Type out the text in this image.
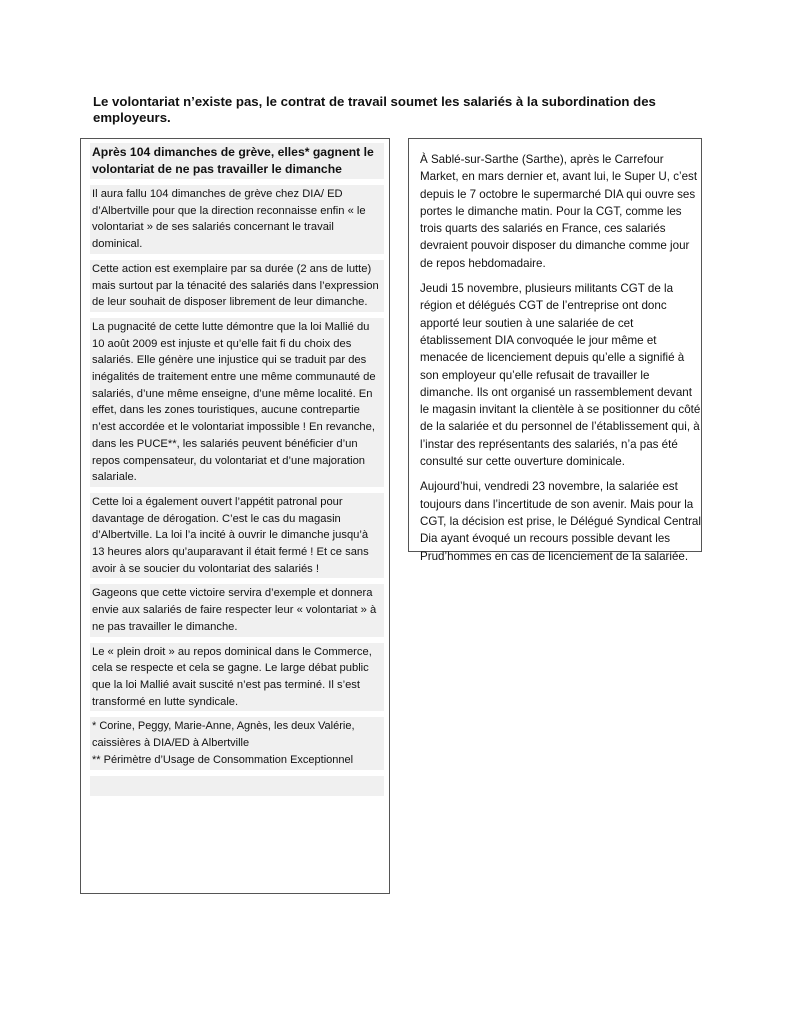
Le volontariat n’existe pas, le contrat de travail soumet les salariés à la subordination des employeurs.
Après 104 dimanches de grève, elles* gagnent le volontariat de ne pas travailler le dimanche
Il aura fallu 104 dimanches de grève chez DIA/ ED d’Albertville pour que la direction reconnaisse enfin « le volontariat » de ses salariés concernant le travail dominical.
Cette action est exemplaire par sa durée (2 ans de lutte) mais surtout par la ténacité des salariés dans l’expression de leur souhait de disposer librement de leur dimanche.
La pugnacité de cette lutte démontre que la loi Mallié du 10 août 2009 est injuste et qu’elle fait fi du choix des salariés. Elle génère une injustice qui se traduit par des inégalités de traitement entre une même communauté de salariés, d’une même enseigne, d’une même localité. En effet, dans les zones touristiques, aucune contrepartie n’est accordée et le volontariat impossible ! En revanche, dans les PUCE**, les salariés peuvent bénéficier d’un repos compensateur, du volontariat et d’une majoration salariale.
Cette loi a également ouvert l’appétit patronal pour davantage de dérogation. C’est le cas du magasin d’Albertville. La loi l’a incité à ouvrir le dimanche jusqu’à 13 heures alors qu’auparavant il était fermé ! Et ce sans avoir à se soucier du volontariat des salariés !
Gageons que cette victoire servira d’exemple et donnera envie aux salariés de faire respecter leur « volontariat » à ne pas travailler le dimanche.
Le « plein droit » au repos dominical dans le Commerce, cela se respecte et cela se gagne. Le large débat public que la loi Mallié avait suscité n’est pas terminé. Il s’est transformé en lutte syndicale.
* Corine, Peggy, Marie-Anne, Agnès, les deux Valérie, caissières à DIA/ED à Albertville
** Périmètre d’Usage de Consommation Exceptionnel

À Sablé-sur-Sarthe (Sarthe), après le Carrefour Market, en mars dernier et, avant lui, le Super U, c’est depuis le 7 octobre le supermarché DIA qui ouvre ses portes le dimanche matin. Pour la CGT, comme les trois quarts des salariés en France, ces salariés devraient pouvoir disposer du dimanche comme jour de repos hebdomadaire.

Jeudi 15 novembre, plusieurs militants CGT de la région et délégués CGT de l’entreprise ont donc apporté leur soutien à une salariée de cet établissement DIA convoquée le jour même et menacée de licenciement depuis qu’elle a signifié à son employeur qu’elle refusait de travailler le dimanche. Ils ont organisé un rassemblement devant le magasin invitant la clientèle à se positionner du côté de la salariée et du personnel de l’établissement qui, à l’instar des représentants des salariés, n’a pas été consulté sur cette ouverture dominicale.

Aujourd’hui, vendredi 23 novembre, la salariée est toujours dans l’incertitude de son avenir. Mais pour la CGT, la décision est prise, le Délégué Syndical Central Dia ayant évoqué un recours possible devant les Prud’hommes en cas de licenciement de la salariée.
